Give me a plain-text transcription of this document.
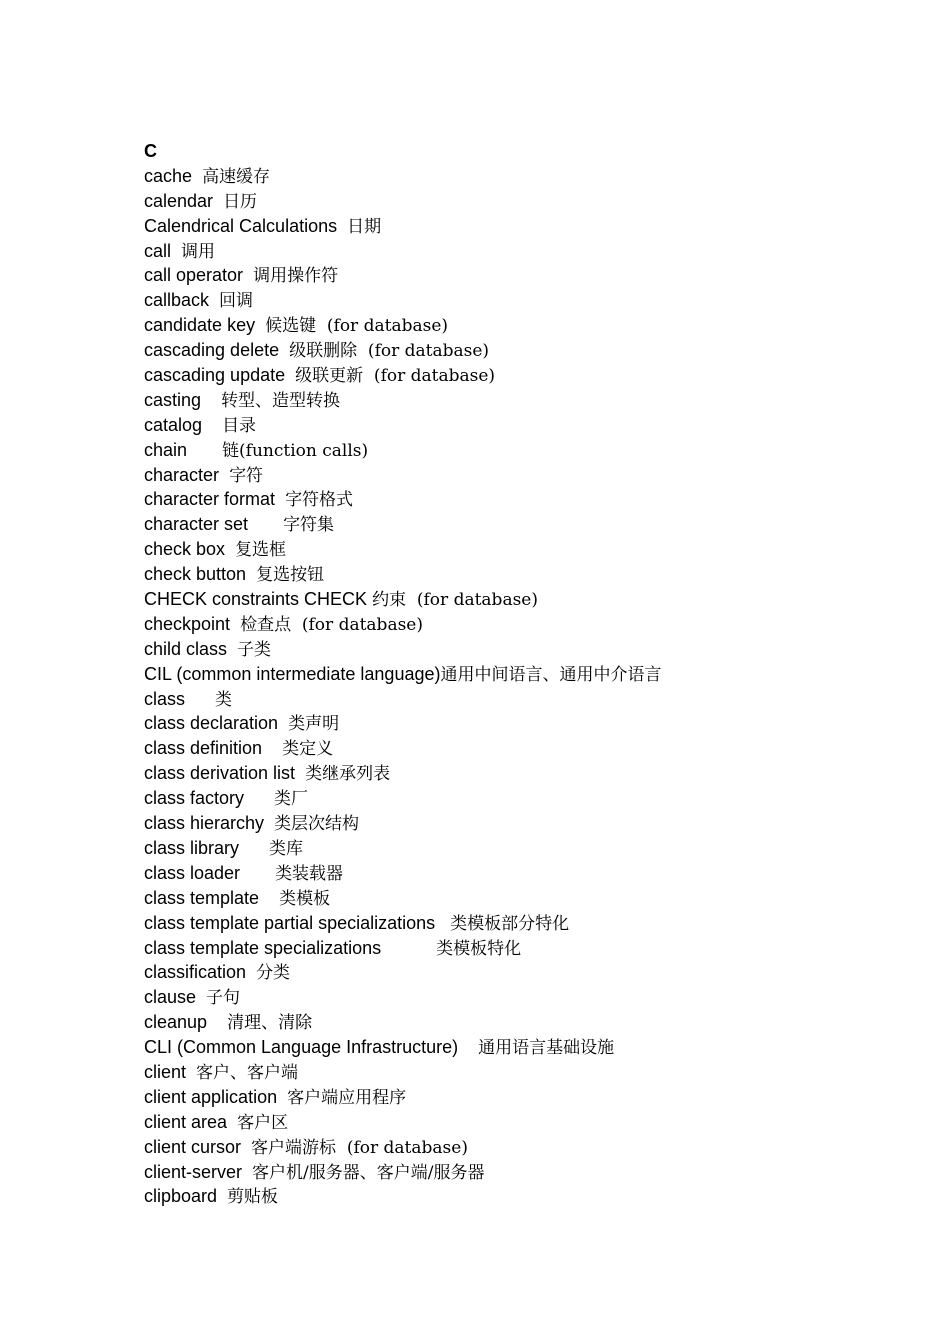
C
cache 高速缓存
calendar 日历
Calendrical Calculations 日期
call 调用
call operator 调用操作符
callback 回调
candidate key 候选键  (for database)
cascading delete 级联删除  (for database)
cascading update 级联更新  (for database)
casting 转型、造型转换
catalog 目录
chain 链(function calls)
character 字符
character format 字符格式
character set 字符集
check box 复选框
check button 复选按钮
CHECK constraints CHECK 约束  (for database)
checkpoint 检查点  (for database)
child class 子类
CIL (common intermediate language)通用中间语言、通用中介语言
class 类
class declaration 类声明
class definition 类定义
class derivation list 类继承列表
class factory 类厂
class hierarchy 类层次结构
class library 类库
class loader 类装载器
class template 类模板
class template partial specializations 类模板部分特化
class template specializations	类模板特化
classification 分类
clause 子句
cleanup 清理、清除
CLI (Common Language Infrastructure) 通用语言基础设施
client 客户、客户端
client application 客户端应用程序
client area 客户区
client cursor 客户端游标  (for database)
client-server 客户机/服务器、客户端/服务器
clipboard 剪贴板
